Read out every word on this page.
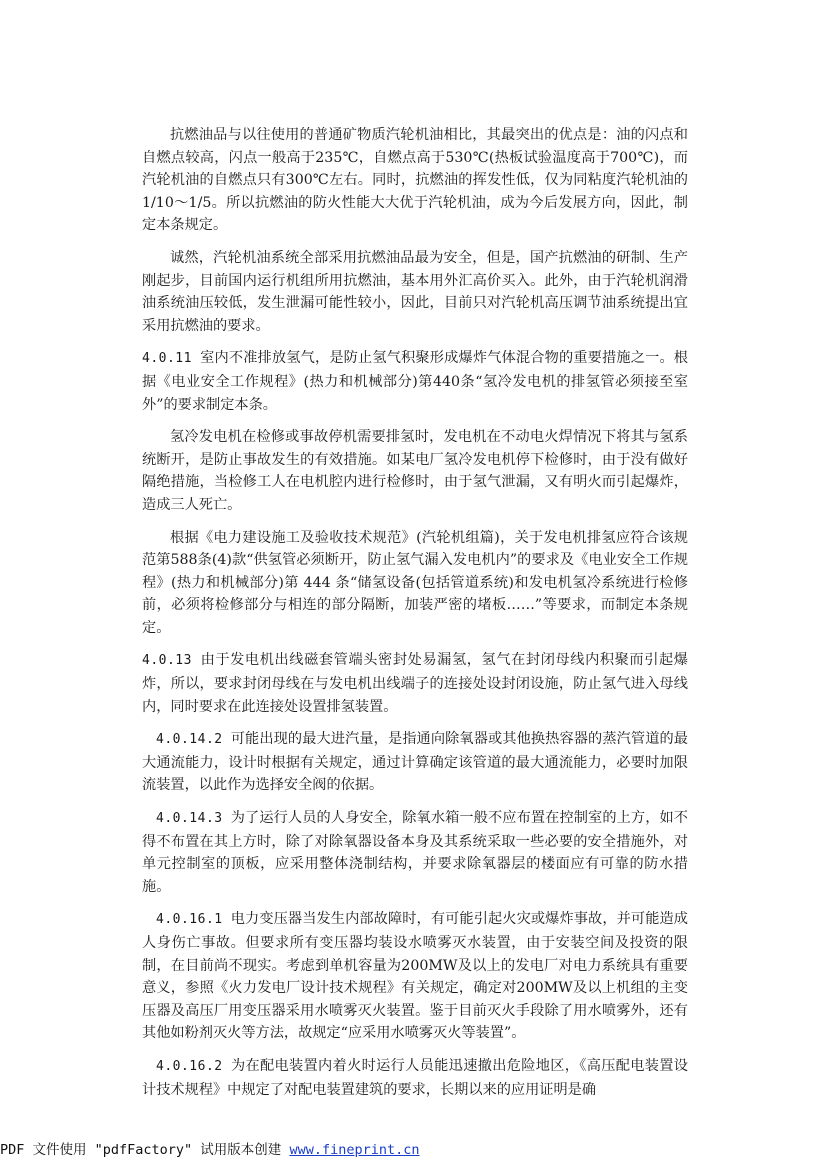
抗燃油品与以往使用的普通矿物质汽轮机油相比，其最突出的优点是：油的闪点和自燃点较高，闪点一般高于235℃，自燃点高于530℃(热板试验温度高于700℃)，而汽轮机油的自燃点只有300℃左右。同时，抗燃油的挥发性低，仅为同粘度汽轮机油的1/10～1/5。所以抗燃油的防火性能大大优于汽轮机油，成为今后发展方向，因此，制定本条规定。

诚然，汽轮机油系统全部采用抗燃油品最为安全，但是，国产抗燃油的研制、生产刚起步，目前国内运行机组所用抗燃油，基本用外汇高价买入。此外，由于汽轮机润滑油系统油压较低，发生泄漏可能性较小，因此，目前只对汽轮机高压调节油系统提出宜采用抗燃油的要求。

4.0.11 室内不准排放氢气，是防止氢气积聚形成爆炸气体混合物的重要措施之一。根据《电业安全工作规程》(热力和机械部分)第440条“氢冷发电机的排氢管必须接至室外”的要求制定本条。

氢冷发电机在检修或事故停机需要排氢时，发电机在不动电火焊情况下将其与氢系统断开，是防止事故发生的有效措施。如某电厂氢冷发电机停下检修时，由于没有做好隔绝措施，当检修工人在电机腔内进行检修时，由于氢气泄漏，又有明火而引起爆炸，造成三人死亡。

根据《电力建设施工及验收技术规范》(汽轮机组篇)，关于发电机排氢应符合该规范第588条(4)款“供氢管必须断开，防止氢气漏入发电机内”的要求及《电业安全工作规程》(热力和机械部分)第 444 条“储氢设备(包括管道系统)和发电机氢冷系统进行检修前，必须将检修部分与相连的部分隔断，加装严密的堵板……”等要求，而制定本条规定。

4.0.13 由于发电机出线磁套管端头密封处易漏氢，氢气在封闭母线内积聚而引起爆炸，所以，要求封闭母线在与发电机出线端子的连接处设封闭设施，防止氢气进入母线内，同时要求在此连接处设置排氢装置。

4.0.14.2 可能出现的最大进汽量，是指通向除氧器或其他换热容器的蒸汽管道的最大通流能力，设计时根据有关规定，通过计算确定该管道的最大通流能力，必要时加限流装置，以此作为选择安全阀的依据。

4.0.14.3 为了运行人员的人身安全，除氧水箱一般不应布置在控制室的上方，如不得不布置在其上方时，除了对除氧器设备本身及其系统采取一些必要的安全措施外，对单元控制室的顶板，应采用整体浇制结构，并要求除氧器层的楼面应有可靠的防水措施。

4.0.16.1 电力变压器当发生内部故障时，有可能引起火灾或爆炸事故，并可能造成人身伤亡事故。但要求所有变压器均装设水喷雾灭水装置，由于安装空间及投资的限制，在目前尚不现实。考虑到单机容量为200MW及以上的发电厂对电力系统具有重要意义，参照《火力发电厂设计技术规程》有关规定，确定对200MW及以上机组的主变压器及高压厂用变压器采用水喷雾灭火装置。鉴于目前灭火手段除了用水喷雾外，还有其他如粉剂灭火等方法，故规定“应采用水喷雾灭火等装置”。

4.0.16.2 为在配电装置内着火时运行人员能迅速撤出危险地区，《高压配电装置设计技术规程》中规定了对配电装置建筑的要求，长期以来的应用证明是确

PDF 文件使用 "pdfFactory" 试用版本创建 www.fineprint.cn
